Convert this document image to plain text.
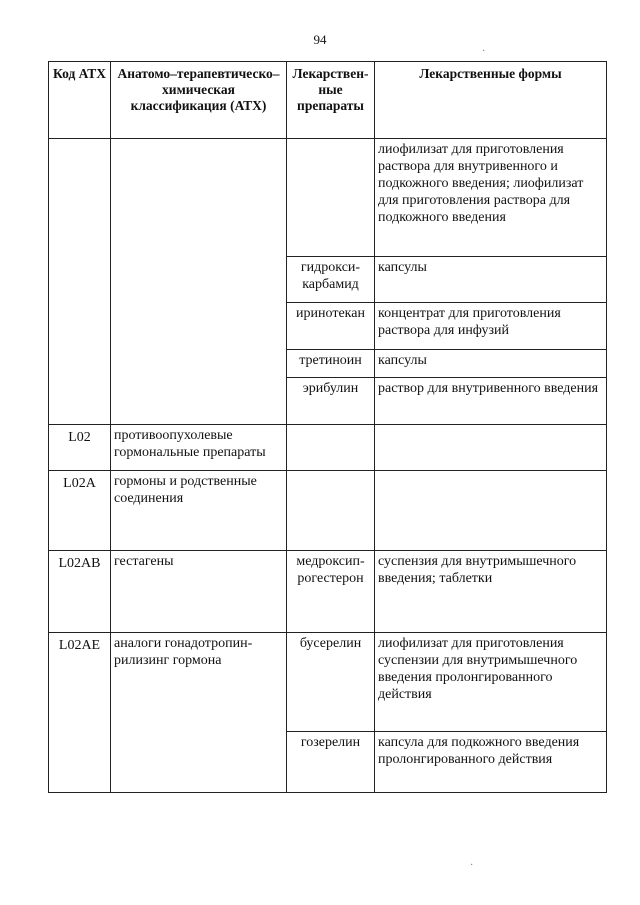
94
·
·
Код АТХ	Анатомо–терапевтическо–химическая классификация (АТХ)	Лекарствен-ные препараты	Лекарственные формы
			лиофилизат для приготовления раствора для внутривенного и подкожного введения; лиофилизат для приготовления раствора для подкожного введения
		гидрокси-карбамид	капсулы
		иринотекан	концентрат для приготовления раствора для инфузий
		третиноин	капсулы
		эрибулин	раствор для внутривенного введения
L02	противоопухолевые гормональные препараты		
L02A	гормоны и родственные соединения		
L02AB	гестагены	медроксип-рогестерон	суспензия для внутримышечного введения; таблетки
L02AE	аналоги гонадотропин-рилизинг гормона	бусерелин	лиофилизат для приготовления суспензии для внутримышечного введения пролонгированного действия
		гозерелин	капсула для подкожного введения пролонгированного действия
